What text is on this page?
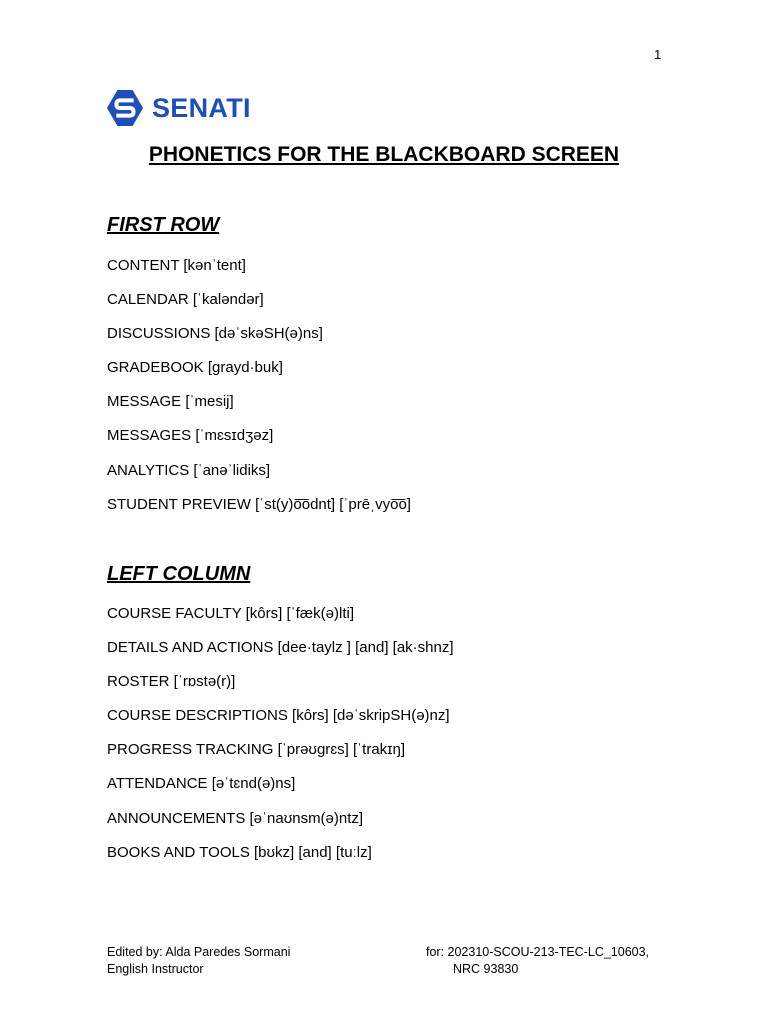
1
SENATI
PHONETICS FOR THE BLACKBOARD SCREEN
FIRST ROW
CONTENT [kənˈtent]
CALENDAR [ˈkaləndər]
DISCUSSIONS [dəˈskəSH(ə)ns]
GRADEBOOK [grayd·buk]
MESSAGE [ˈmesij]
MESSAGES [ˈmɛsɪdʒəz]
ANALYTICS [ˈanəˈlidiks]
STUDENT PREVIEW [ˈst(y)o͞odnt] [ˈprēˌvyo͞o]
LEFT COLUMN
COURSE FACULTY [kôrs] [ˈfæk(ə)lti]
DETAILS AND ACTIONS [dee·taylz ] [and] [ak·shnz]
ROSTER [ˈrɒstə(r)]
COURSE DESCRIPTIONS [kôrs] [dəˈskripSH(ə)nz]
PROGRESS TRACKING [ˈprəʊgrɛs] [ˈtrakɪŋ]
ATTENDANCE [əˈtɛnd(ə)ns]
ANNOUNCEMENTS [əˈnaʊnsm(ə)ntz]
BOOKS AND TOOLS [bʊkz] [and] [tuːlz]
Edited by: Alda Paredes Sormani
English Instructor
for: 202310-SCOU-213-TEC-LC_10603,
NRC 93830
